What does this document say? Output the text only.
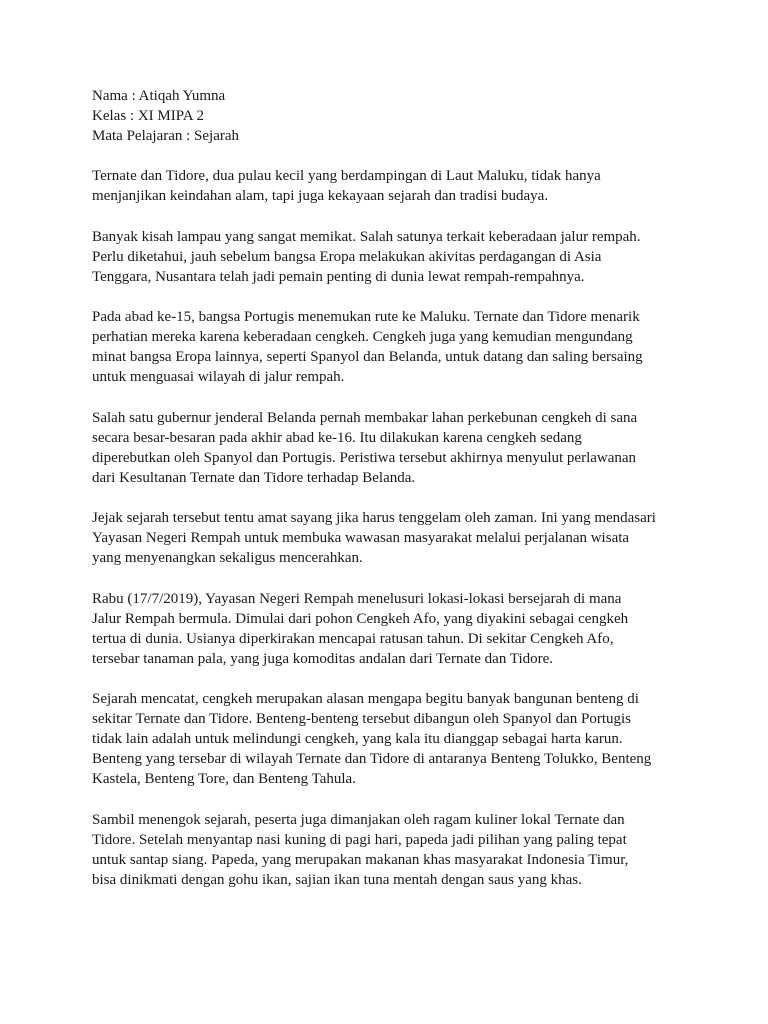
Nama : Atiqah Yumna

Kelas : XI MIPA 2

Mata Pelajaran : Sejarah

Ternate dan Tidore, dua pulau kecil yang berdampingan di Laut Maluku, tidak hanya
menjanjikan keindahan alam, tapi juga kekayaan sejarah dan tradisi budaya.

Banyak kisah lampau yang sangat memikat. Salah satunya terkait keberadaan jalur rempah.
Perlu diketahui, jauh sebelum bangsa Eropa melakukan akivitas perdagangan di Asia
Tenggara, Nusantara telah jadi pemain penting di dunia lewat rempah-rempahnya.

Pada abad ke-15, bangsa Portugis menemukan rute ke Maluku. Ternate dan Tidore menarik
perhatian mereka karena keberadaan cengkeh. Cengkeh juga yang kemudian mengundang
minat bangsa Eropa lainnya, seperti Spanyol dan Belanda, untuk datang dan saling bersaing
untuk menguasai wilayah di jalur rempah.

Salah satu gubernur jenderal Belanda pernah membakar lahan perkebunan cengkeh di sana
secara besar-besaran pada akhir abad ke-16. Itu dilakukan karena cengkeh sedang
diperebutkan oleh Spanyol dan Portugis. Peristiwa tersebut akhirnya menyulut perlawanan
dari Kesultanan Ternate dan Tidore terhadap Belanda.

Jejak sejarah tersebut tentu amat sayang jika harus tenggelam oleh zaman. Ini yang mendasari
Yayasan Negeri Rempah untuk membuka wawasan masyarakat melalui perjalanan wisata
yang menyenangkan sekaligus mencerahkan.

Rabu (17/7/2019), Yayasan Negeri Rempah menelusuri lokasi-lokasi bersejarah di mana
Jalur Rempah bermula. Dimulai dari pohon Cengkeh Afo, yang diyakini sebagai cengkeh
tertua di dunia. Usianya diperkirakan mencapai ratusan tahun. Di sekitar Cengkeh Afo,
tersebar tanaman pala, yang juga komoditas andalan dari Ternate dan Tidore.

Sejarah mencatat, cengkeh merupakan alasan mengapa begitu banyak bangunan benteng di
sekitar Ternate dan Tidore. Benteng-benteng tersebut dibangun oleh Spanyol dan Portugis
tidak lain adalah untuk melindungi cengkeh, yang kala itu dianggap sebagai harta karun.
Benteng yang tersebar di wilayah Ternate dan Tidore di antaranya Benteng Tolukko, Benteng
Kastela, Benteng Tore, dan Benteng Tahula.

Sambil menengok sejarah, peserta juga dimanjakan oleh ragam kuliner lokal Ternate dan
Tidore. Setelah menyantap nasi kuning di pagi hari, papeda jadi pilihan yang paling tepat
untuk santap siang. Papeda, yang merupakan makanan khas masyarakat Indonesia Timur,
bisa dinikmati dengan gohu ikan, sajian ikan tuna mentah dengan saus yang khas.
